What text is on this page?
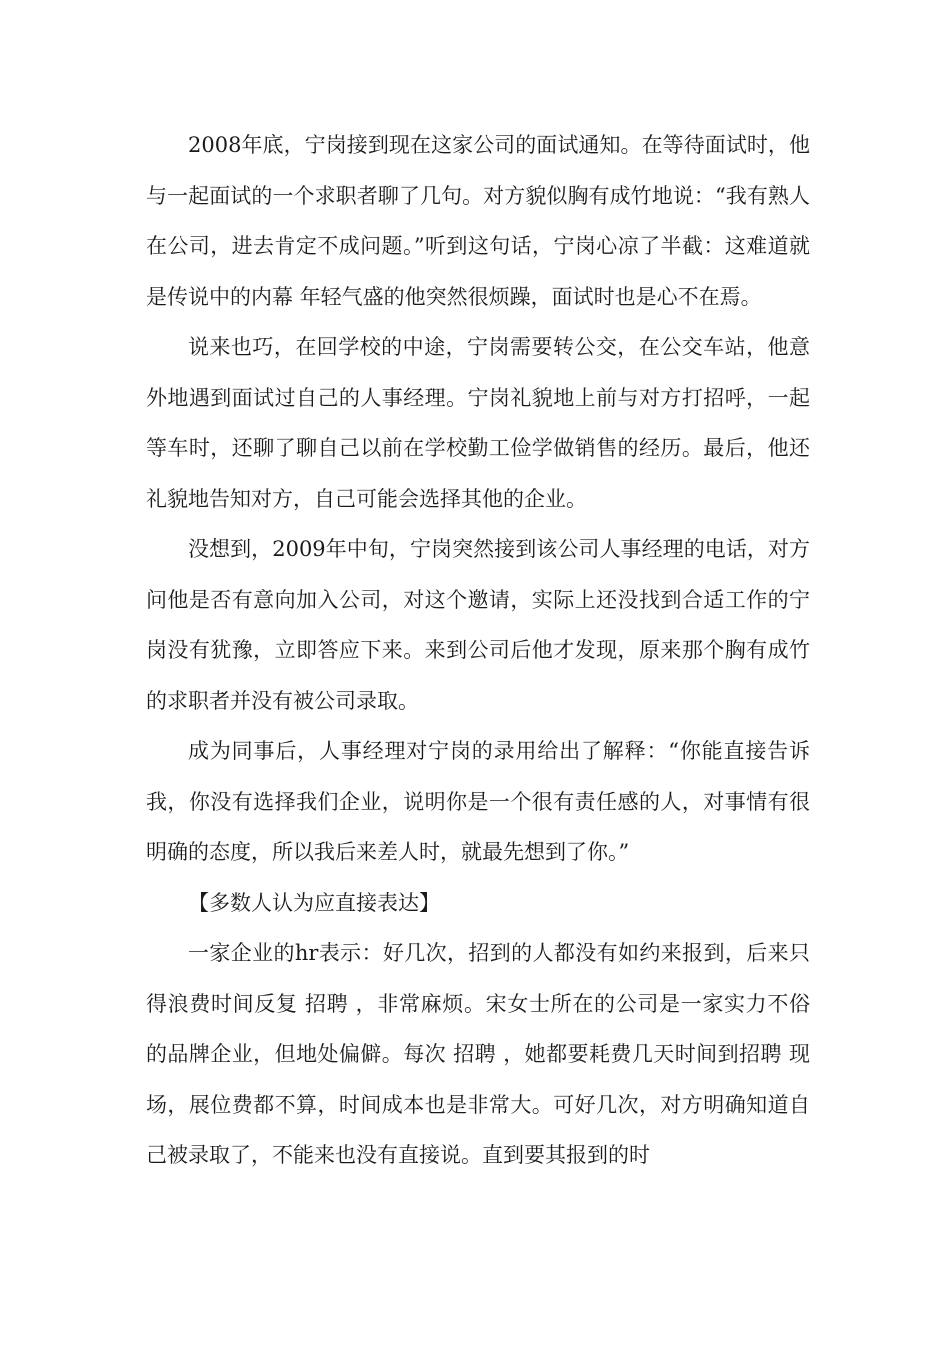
2008年底，宁岗接到现在这家公司的面试通知。在等待面试时，他与一起面试的一个求职者聊了几句。对方貌似胸有成竹地说：“我有熟人在公司，进去肯定不成问题。”听到这句话，宁岗心凉了半截：这难道就是传说中的内幕 年轻气盛的他突然很烦躁，面试时也是心不在焉。

说来也巧，在回学校的中途，宁岗需要转公交，在公交车站，他意外地遇到面试过自己的人事经理。宁岗礼貌地上前与对方打招呼，一起等车时，还聊了聊自己以前在学校勤工俭学做销售的经历。最后，他还礼貌地告知对方，自己可能会选择其他的企业。

没想到，2009年中旬，宁岗突然接到该公司人事经理的电话，对方问他是否有意向加入公司，对这个邀请，实际上还没找到合适工作的宁岗没有犹豫，立即答应下来。来到公司后他才发现，原来那个胸有成竹的求职者并没有被公司录取。

成为同事后，人事经理对宁岗的录用给出了解释：“你能直接告诉我，你没有选择我们企业，说明你是一个很有责任感的人，对事情有很明确的态度，所以我后来差人时，就最先想到了你。”

【多数人认为应直接表达】

一家企业的hr表示：好几次，招到的人都没有如约来报到，后来只得浪费时间反复 招聘 ，非常麻烦。宋女士所在的公司是一家实力不俗的品牌企业，但地处偏僻。每次 招聘 ，她都要耗费几天时间到招聘 现场，展位费都不算，时间成本也是非常大。可好几次，对方明确知道自己被录取了，不能来也没有直接说。直到要其报到的时
